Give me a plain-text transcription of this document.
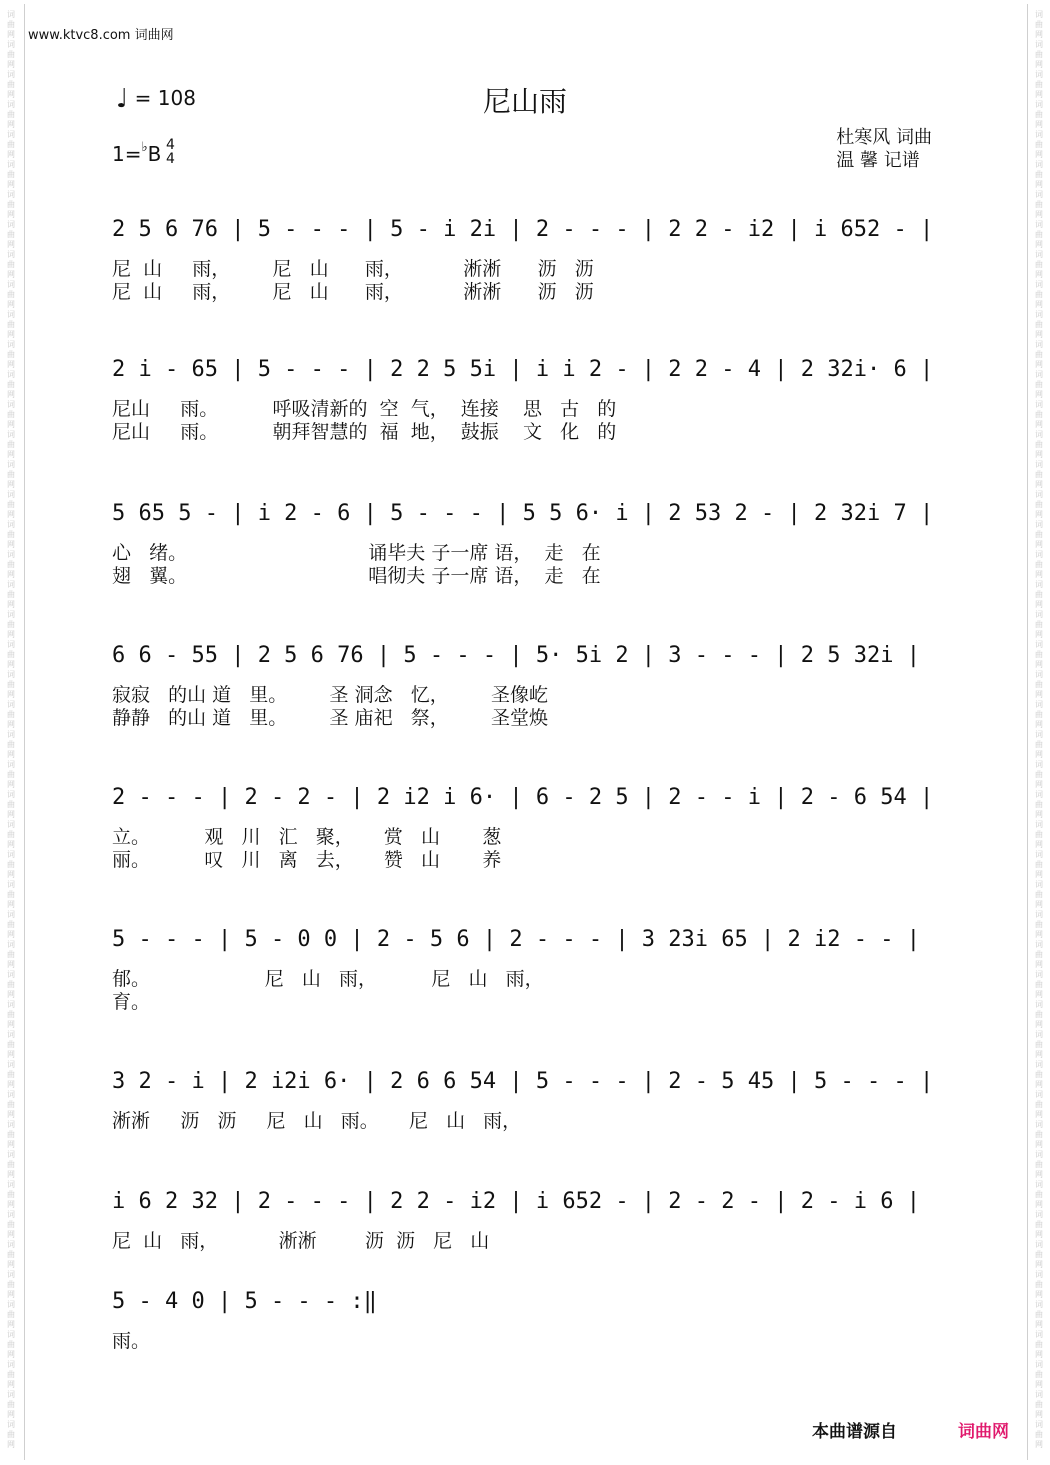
词曲网词曲网词曲网词曲网词曲网词曲网词曲网词曲网词曲网词曲网词曲网词曲网词曲网词曲网词曲网词曲网词曲网词曲网词曲网词曲网词曲网词曲网词曲网词曲网词曲网词曲网词曲网词曲网词曲网词曲网词曲网词曲网词曲网词曲网词曲网词曲网词曲网词曲网词曲网词曲网词曲网词曲网词曲网词曲网词曲网词曲网词曲网词曲网
词曲网词曲网词曲网词曲网词曲网词曲网词曲网词曲网词曲网词曲网词曲网词曲网词曲网词曲网词曲网词曲网词曲网词曲网词曲网词曲网词曲网词曲网词曲网词曲网词曲网词曲网词曲网词曲网词曲网词曲网词曲网词曲网词曲网词曲网词曲网词曲网词曲网词曲网词曲网词曲网词曲网词曲网词曲网词曲网词曲网词曲网词曲网词曲网
www.ktvc8.com 词曲网
♩ = 108	尼山雨
1=♭B 4
4
杜寒风 词曲
温 馨 记谱
2 5 6 76 | 5 - - - | 5 - i 2i | 2 - - - | 2 2 - i2 | i 652 - |
尼  山     雨，       尼   山      雨，          淅淅      沥   沥
尼  山     雨，       尼   山      雨，          淅淅      沥   沥
2 i - 65 | 5 - - - | 2 2 5 5i | i i 2 - | 2 2 - 4 | 2 32i· 6 |
尼山     雨。         呼吸清新的  空  气，  连接    思   古   的
尼山     雨。         朝拜智慧的  福  地，  鼓振    文   化   的
5 65 5 - | i 2 - 6 | 5 - - - | 5 5 6· i | 2 53 2 - | 2 32i 7 |
心   绪。                              诵毕夫 子一席 语，  走   在
翅   翼。                              唱彻夫 子一席 语，  走   在
6 6 - 55 | 2 5 6 76 | 5 - - - | 5· 5i 2 | 3 - - - | 2 5 32i |
寂寂   的山 道   里。       圣 洞念   忆，       圣像屹
静静   的山 道   里。       圣 庙祀   祭，       圣堂焕
2 - - - | 2 - 2 - | 2 i2 i 6· | 6 - 2 5 | 2 - - i | 2 - 6 54 |
立。         观   川   汇   聚，     赏   山       葱
丽。         叹   川   离   去，     赞   山       养
5 - - - | 5 - 0 0 | 2 - 5 6 | 2 - - - | 3 23i 65 | 2 i2 - - |
郁。                   尼   山   雨，         尼   山   雨，
育。
3 2 - i | 2 i2i 6· | 2 6 6 54 | 5 - - - | 2 - 5 45 | 5 - - - |
淅淅     沥   沥     尼   山   雨。     尼   山   雨，
i 6 2 32 | 2 - - - | 2 2 - i2 | i 652 - | 2 - 2 - | 2 - i 6 |
尼  山   雨，          淅淅        沥  沥   尼   山
5 - 4 0 | 5 - - - :‖
雨。
本曲谱源自	词曲网
